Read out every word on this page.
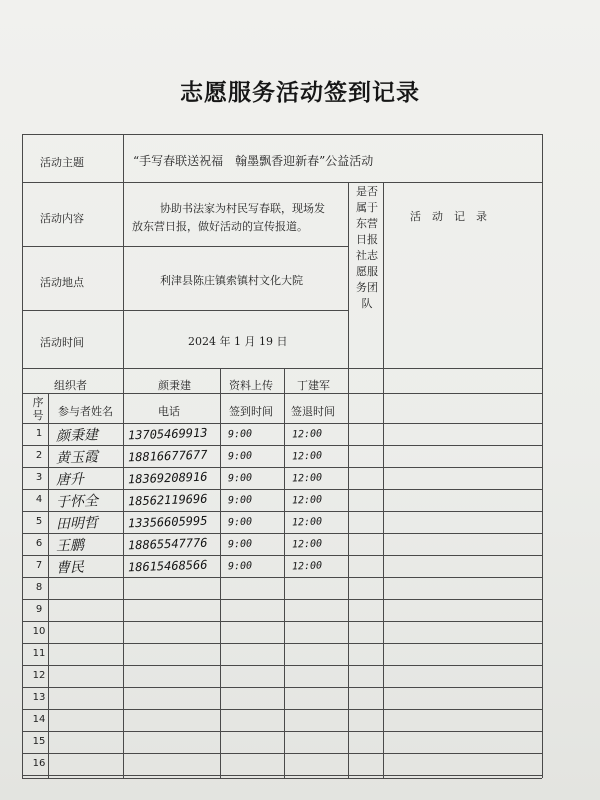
志愿服务活动签到记录
活动主题	“手写春联送祝福　翰墨飘香迎新春”公益活动
活动内容
协助书法家为村民写春联，现场发
放东营日报，做好活动的宣传报道。
活动地点	利津县陈庄镇索镇村文化大院
活动时间	2024 年 1 月 19 日
是否
属于
东营
日报
社志
愿服
务团
队
活　动　记　录
组织者	颜秉建	资料上传 丁建军
序号 参与者姓名	电话	签到时间 签退时间
1 颜秉建 13705469913 9:00	12:00
2 黄玉霞 18816677677 9:00	12:00
3 唐升	18369208916 9:00	12:00
4 于怀全 18562119696 9:00	12:00
5 田明哲 13356605995 9:00	12:00
6 王鹏	18865547776 9:00	12:00
7 曹民	18615468566 9:00	12:00
8
9
10
11
12
13
14
15
16
